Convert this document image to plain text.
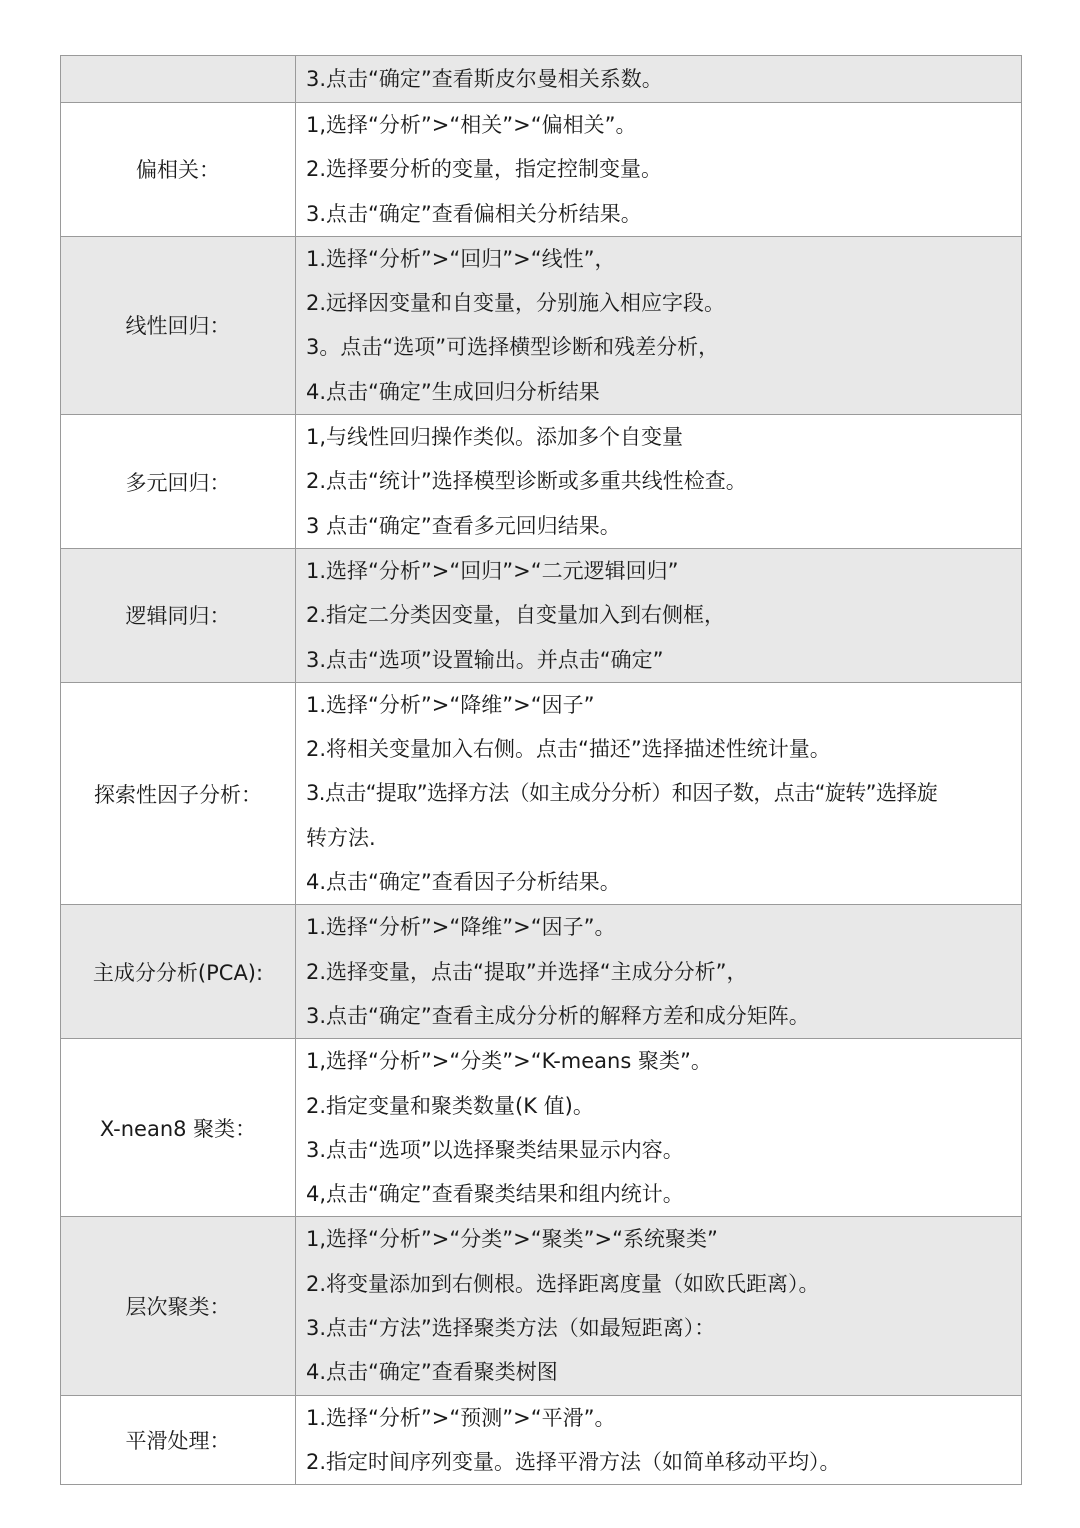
	3.点击“确定”查看斯皮尔曼相关系数。

偏相关：	1,选择“分析”>“相关”>“偏相关”。
2.选择要分析的变量，指定控制变量。
3.点击“确定”查看偏相关分析结果。

线性回归：	1.选择“分析”>“回归”>“线性”，
2.远择因变量和自变量，分别施入相应字段。
3。点击“选项”可选择横型诊断和残差分析，
4.点击“确定”生成回归分析结果

多元回归：	1,与线性回归操作类似。添加多个自变量
2.点击“统计”选择模型诊断或多重共线性检查。
3 点击“确定”查看多元回归结果。

逻辑同归：	1.选择“分析”>“回归”>“二元逻辑回归”
2.指定二分类因变量，自变量加入到右侧框，
3.点击“选项”设置输出。并点击“确定”

探索性因子分析：	1.选择“分析”>“降维”>“因子”
2.将相关变量加入右侧。点击“描还”选择描述性统计量。
3.点击“提取”选择方法（如主成分分析）和因子数，点击“旋转”选择旋
转方法.
4.点击“确定”查看因子分析结果。

主成分分析(PCA):	1.选择“分析”>“降维”>“因子”。
2.选择变量，点击“提取”并选择“主成分分析”，
3.点击“确定”查看主成分分析的解释方差和成分矩阵。

X-nean8 聚类：	1,选择“分析”>“分类”>“K-means 聚类”。
2.指定变量和聚类数量(K 值)。
3.点击“选项”以选择聚类结果显示内容。
4,点击“确定”查看聚类结果和组内统计。

层次聚类：	1,选择“分析”>“分类”>“聚类”>“系统聚类”
2.将变量添加到右侧根。选择距离度量（如欧氏距离）。
3.点击“方法”选择聚类方法（如最短距离）：
4.点击“确定”查看聚类树图

平滑处理：	1.选择“分析”>“预测”>“平滑”。
2.指定时间序列变量。选择平滑方法（如简单移动平均）。
